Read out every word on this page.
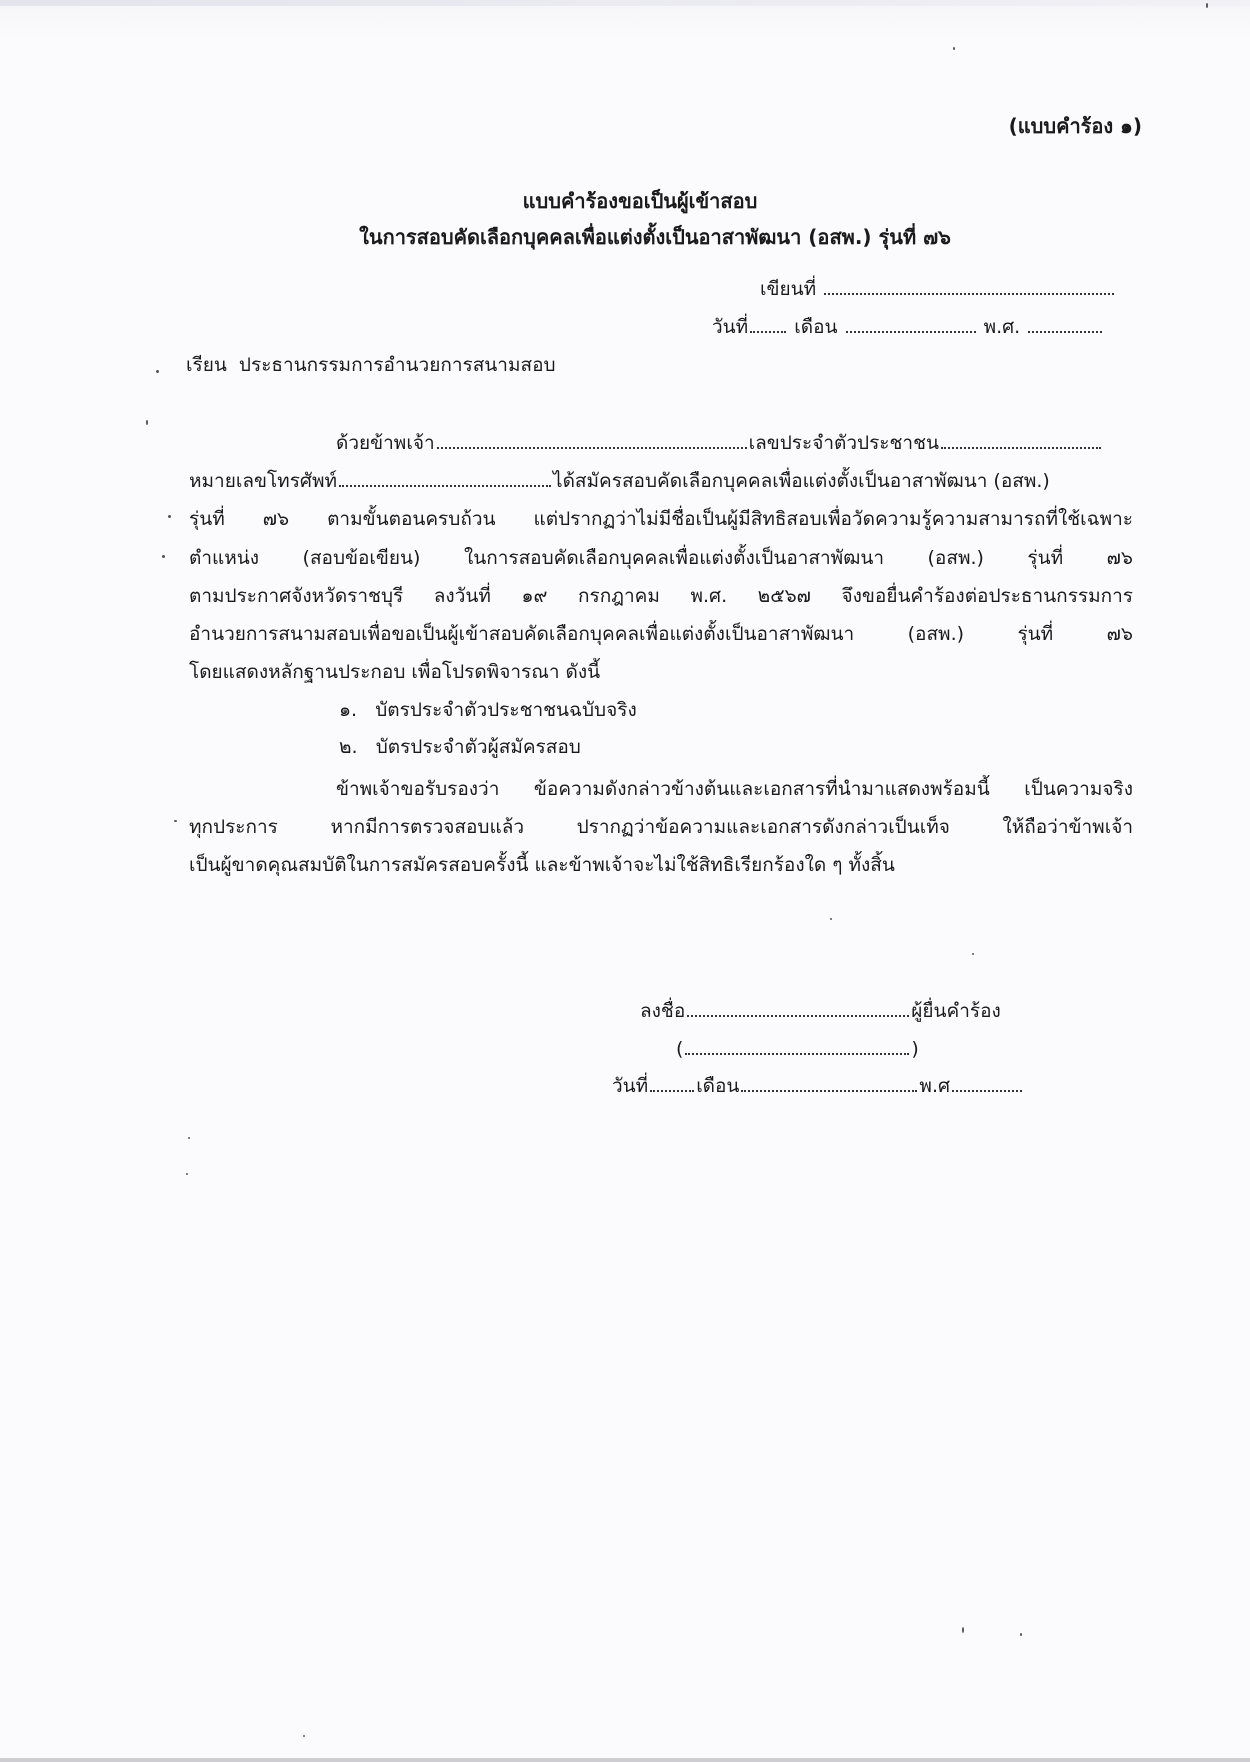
(แบบคำร้อง ๑)
แบบคำร้องขอเป็นผู้เข้าสอบ
ในการสอบคัดเลือกบุคคลเพื่อแต่งตั้งเป็นอาสาพัฒนา (อสพ.) รุ่นที่ ๗๖
เขียนที่
วันที่ เดือน	พ.ศ.
เรียน ประธานกรรมการอำนวยการสนามสอบ
ด้วยข้าพเจ้า	เลขประจำตัวประชาชน
หมายเลขโทรศัพท์	ได้สมัครสอบคัดเลือกบุคคลเพื่อแต่งตั้งเป็นอาสาพัฒนา (อสพ.)
รุ่นที่ ๗๖ ตามขั้นตอนครบถ้วน แต่ปรากฏว่าไม่มีชื่อเป็นผู้มีสิทธิสอบเพื่อวัดความรู้ความสามารถที่ใช้เฉพาะ
ตำแหน่ง (สอบข้อเขียน) ในการสอบคัดเลือกบุคคลเพื่อแต่งตั้งเป็นอาสาพัฒนา (อสพ.) รุ่นที่ ๗๖
ตามประกาศจังหวัดราชบุรี ลงวันที่ ๑๙ กรกฎาคม พ.ศ. ๒๕๖๗ จึงขอยื่นคำร้องต่อประธานกรรมการ
อำนวยการสนามสอบเพื่อขอเป็นผู้เข้าสอบคัดเลือกบุคคลเพื่อแต่งตั้งเป็นอาสาพัฒนา (อสพ.) รุ่นที่ ๗๖
โดยแสดงหลักฐานประกอบ เพื่อโปรดพิจารณา ดังนี้
๑. บัตรประจำตัวประชาชนฉบับจริง
๒. บัตรประจำตัวผู้สมัครสอบ
ข้าพเจ้าขอรับรองว่า ข้อความดังกล่าวข้างต้นและเอกสารที่นำมาแสดงพร้อมนี้ เป็นความจริง
ทุกประการ หากมีการตรวจสอบแล้ว ปรากฏว่าข้อความและเอกสารดังกล่าวเป็นเท็จ ให้ถือว่าข้าพเจ้า
เป็นผู้ขาดคุณสมบัติในการสมัครสอบครั้งนี้ และข้าพเจ้าจะไม่ใช้สิทธิเรียกร้องใด ๆ ทั้งสิ้น
ลงชื่อ	ผู้ยื่นคำร้อง
(	)
วันที่	เดือน	พ.ศ
